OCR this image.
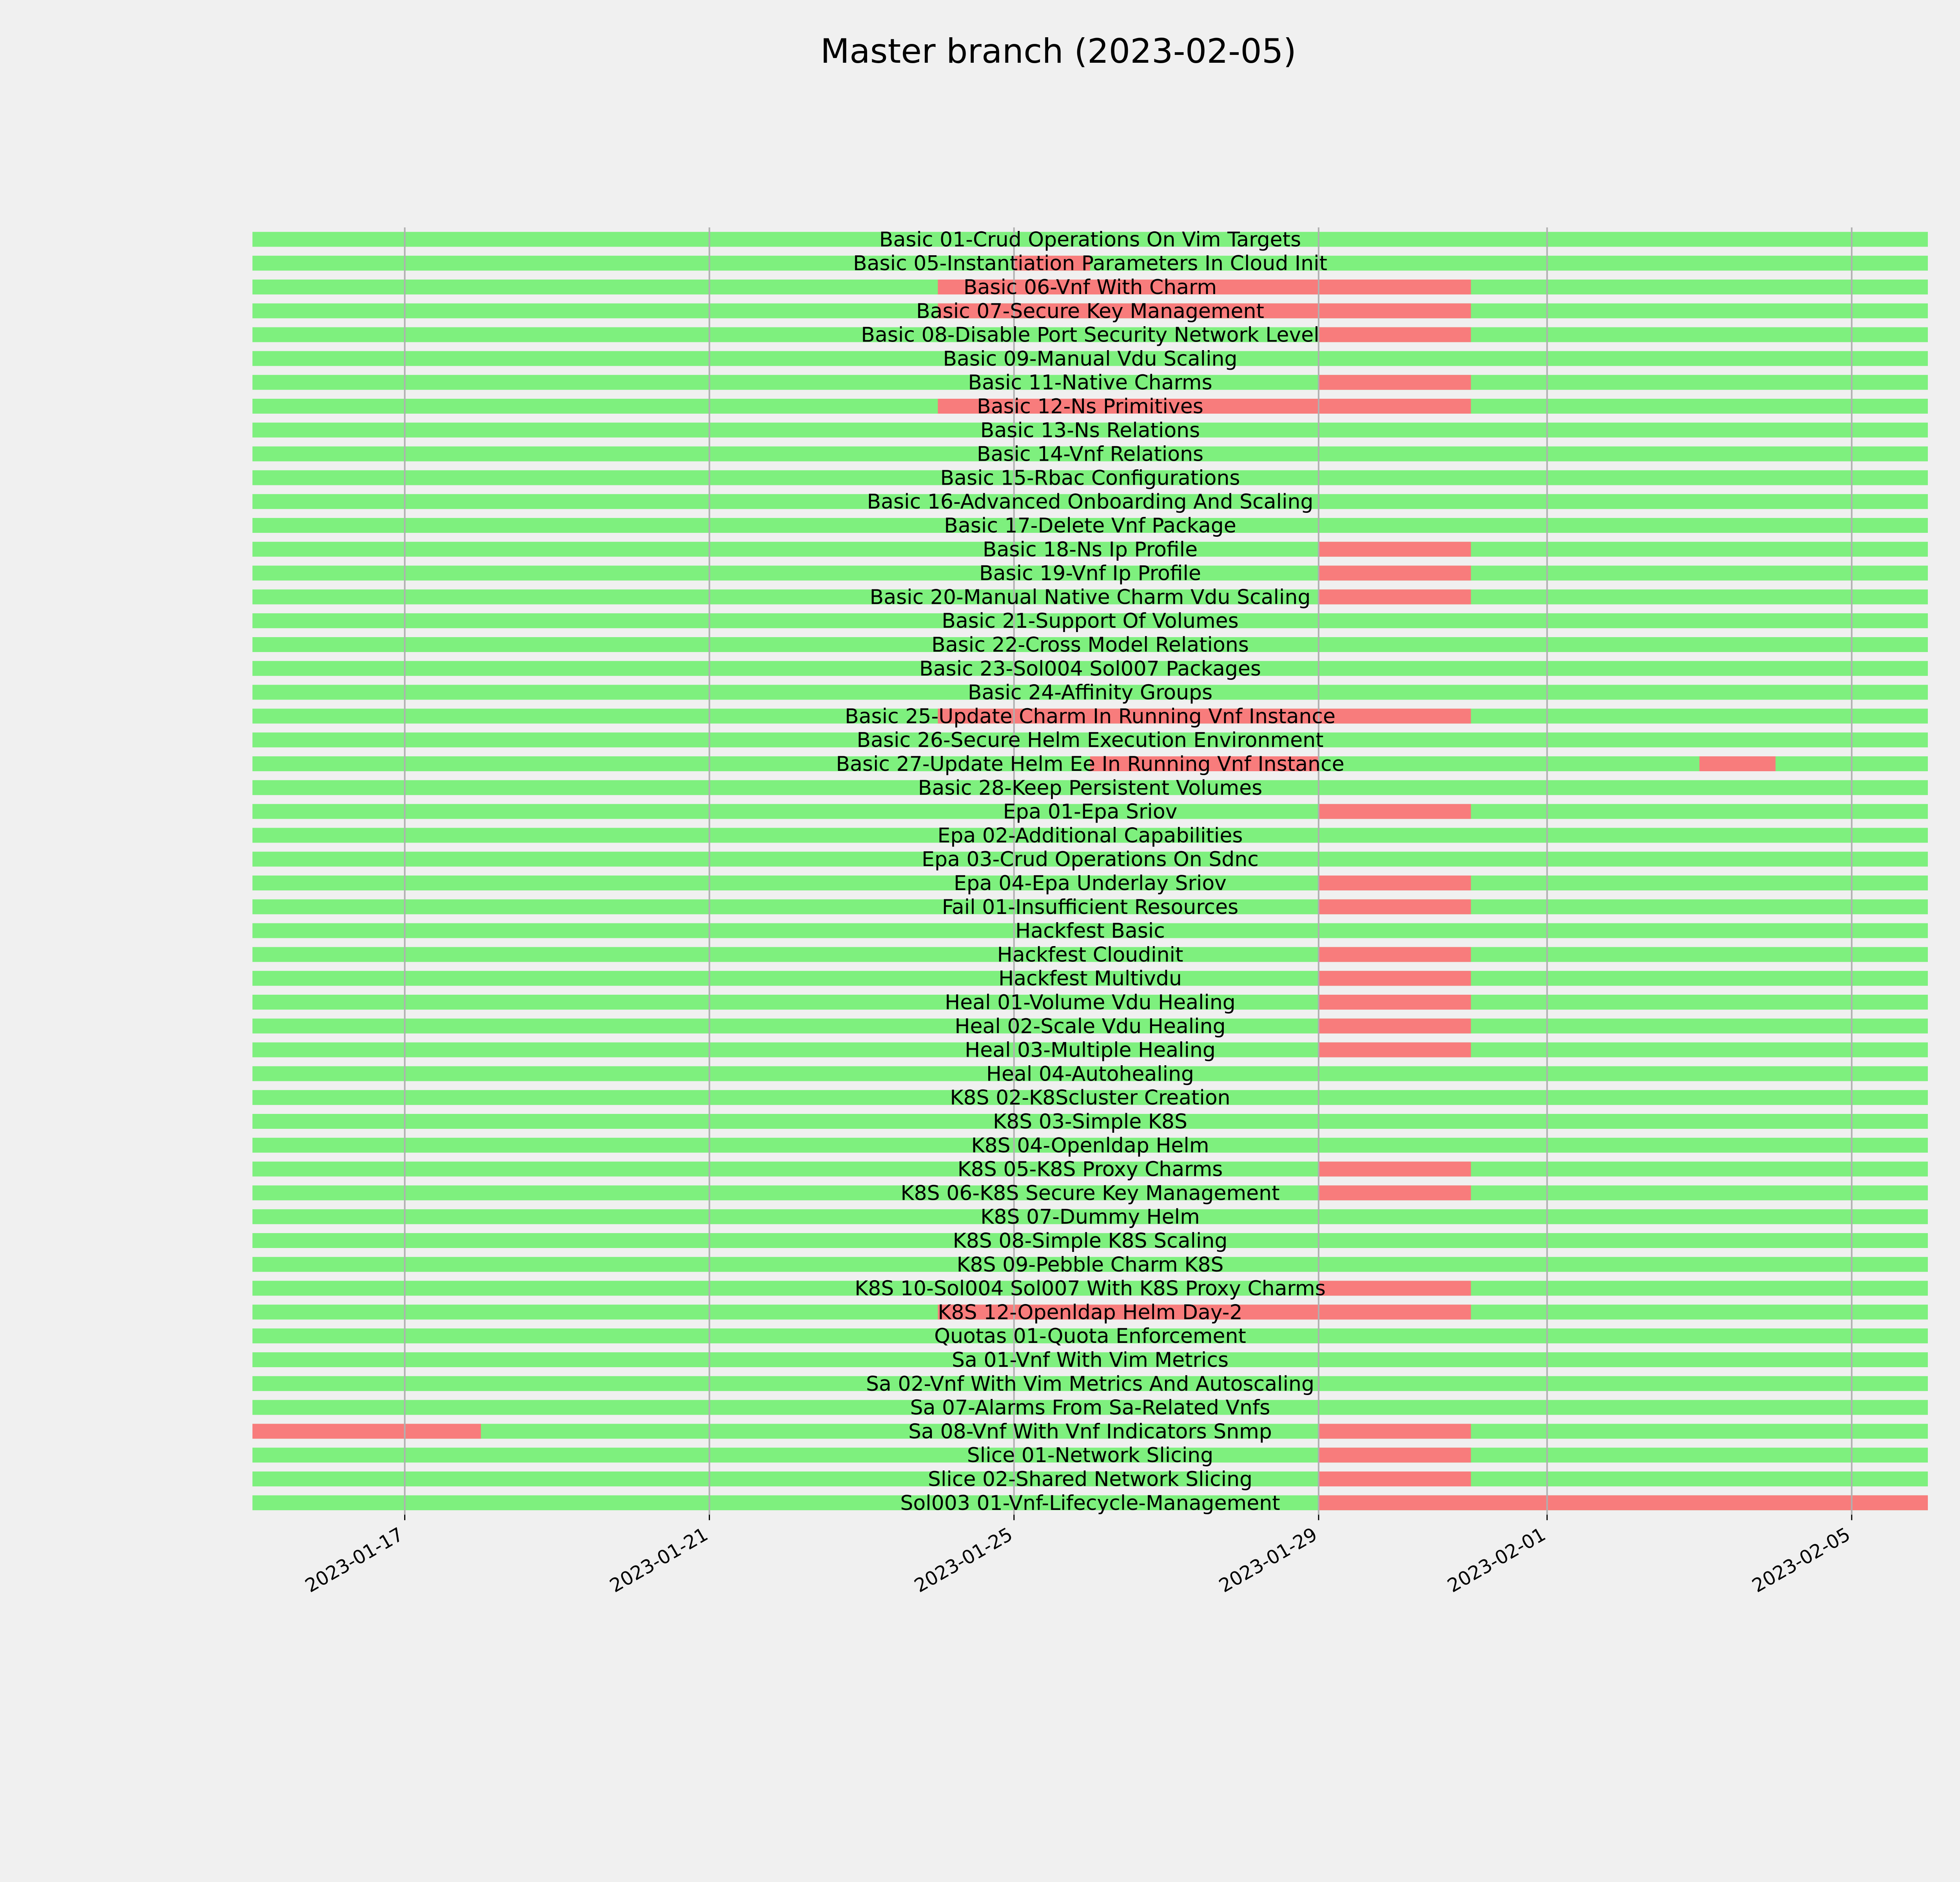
Master branch (2023-02-05)
Basic 01-Crud Operations On Vim Targets
Basic 05-Instantiation Parameters In Cloud Init
Basic 06-Vnf With Charm
Basic 07-Secure Key Management
Basic 08-Disable Port Security Network Level
Basic 09-Manual Vdu Scaling
Basic 11-Native Charms
Basic 12-Ns Primitives
Basic 13-Ns Relations
Basic 14-Vnf Relations
Basic 15-Rbac Configurations
Basic 16-Advanced Onboarding And Scaling
Basic 17-Delete Vnf Package
Basic 18-Ns Ip Profile
Basic 19-Vnf Ip Profile
Basic 20-Manual Native Charm Vdu Scaling
Basic 21-Support Of Volumes
Basic 22-Cross Model Relations
Basic 23-Sol004 Sol007 Packages
Basic 24-Affinity Groups
Basic 25-Update Charm In Running Vnf Instance
Basic 26-Secure Helm Execution Environment
Basic 27-Update Helm Ee In Running Vnf Instance
Basic 28-Keep Persistent Volumes
Epa 01-Epa Sriov
Epa 02-Additional Capabilities
Epa 03-Crud Operations On Sdnc
Epa 04-Epa Underlay Sriov
Fail 01-Insufficient Resources
Hackfest Basic
Hackfest Cloudinit
Hackfest Multivdu
Heal 01-Volume Vdu Healing
Heal 02-Scale Vdu Healing
Heal 03-Multiple Healing
Heal 04-Autohealing
K8S 02-K8Scluster Creation
K8S 03-Simple K8S
K8S 04-Openldap Helm
K8S 05-K8S Proxy Charms
K8S 06-K8S Secure Key Management
K8S 07-Dummy Helm
K8S 08-Simple K8S Scaling
K8S 09-Pebble Charm K8S
K8S 10-Sol004 Sol007 With K8S Proxy Charms
K8S 12-Openldap Helm Day-2
Quotas 01-Quota Enforcement
Sa 01-Vnf With Vim Metrics
Sa 02-Vnf With Vim Metrics And Autoscaling
Sa 07-Alarms From Sa-Related Vnfs
Sa 08-Vnf With Vnf Indicators Snmp
Slice 01-Network Slicing
Slice 02-Shared Network Slicing
Sol003 01-Vnf-Lifecycle-Management
2023-01-17	2023-01-21	2023-01-25	2023-01-29	2023-02-01	2023-02-05
